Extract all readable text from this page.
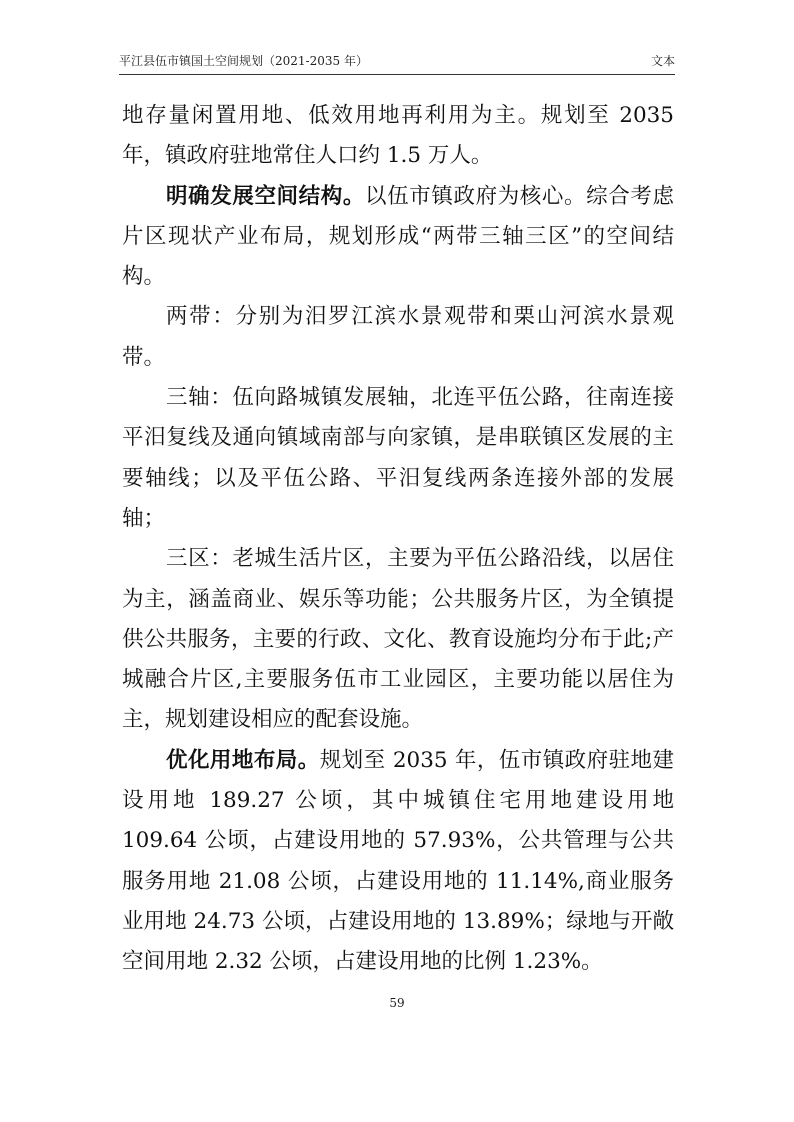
平江县伍市镇国土空间规划（2021-2035 年）	文本

地存量闲置用地、低效用地再利用为主。规划至 2035 年，镇政府驻地常住人口约 1.5 万人。

明确发展空间结构。以伍市镇政府为核心。综合考虑片区现状产业布局，规划形成“两带三轴三区”的空间结构。

两带：分别为汨罗江滨水景观带和栗山河滨水景观带。

三轴：伍向路城镇发展轴，北连平伍公路，往南连接平汨复线及通向镇域南部与向家镇，是串联镇区发展的主要轴线；以及平伍公路、平汨复线两条连接外部的发展轴；

三区：老城生活片区，主要为平伍公路沿线，以居住为主，涵盖商业、娱乐等功能；公共服务片区，为全镇提供公共服务，主要的行政、文化、教育设施均分布于此;产城融合片区,主要服务伍市工业园区，主要功能以居住为主，规划建设相应的配套设施。

优化用地布局。规划至 2035 年，伍市镇政府驻地建设用地 189.27 公顷，其中城镇住宅用地建设用地 109.64 公顷，占建设用地的 57.93%，公共管理与公共服务用地 21.08 公顷，占建设用地的 11.14%,商业服务业用地 24.73 公顷，占建设用地的 13.89%；绿地与开敞空间用地 2.32 公顷，占建设用地的比例 1.23%。

59
